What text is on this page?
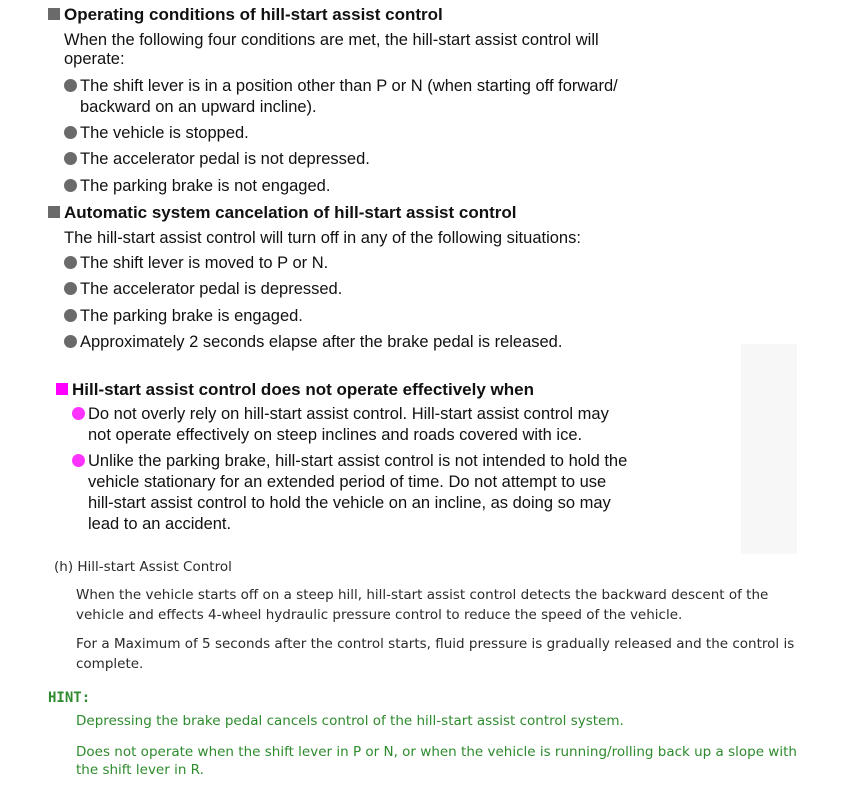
Operating conditions of hill-start assist control
When the following four conditions are met, the hill-start assist control will
operate:
The shift lever is in a position other than P or N (when starting off forward/
backward on an upward incline).
The vehicle is stopped.
The accelerator pedal is not depressed.
The parking brake is not engaged.
Automatic system cancelation of hill-start assist control
The hill-start assist control will turn off in any of the following situations:
The shift lever is moved to P or N.
The accelerator pedal is depressed.
The parking brake is engaged.
Approximately 2 seconds elapse after the brake pedal is released.
Hill-start assist control does not operate effectively when
Do not overly rely on hill-start assist control. Hill-start assist control may
not operate effectively on steep inclines and roads covered with ice.
Unlike the parking brake, hill-start assist control is not intended to hold the
vehicle stationary for an extended period of time. Do not attempt to use
hill-start assist control to hold the vehicle on an incline, as doing so may
lead to an accident.
(h) Hill-start Assist Control
When the vehicle starts off on a steep hill, hill-start assist control detects the backward descent of the
vehicle and effects 4-wheel hydraulic pressure control to reduce the speed of the vehicle.
For a Maximum of 5 seconds after the control starts, fluid pressure is gradually released and the control is
complete.
HINT:
Depressing the brake pedal cancels control of the hill-start assist control system.
Does not operate when the shift lever in P or N, or when the vehicle is running/rolling back up a slope with
the shift lever in R.
